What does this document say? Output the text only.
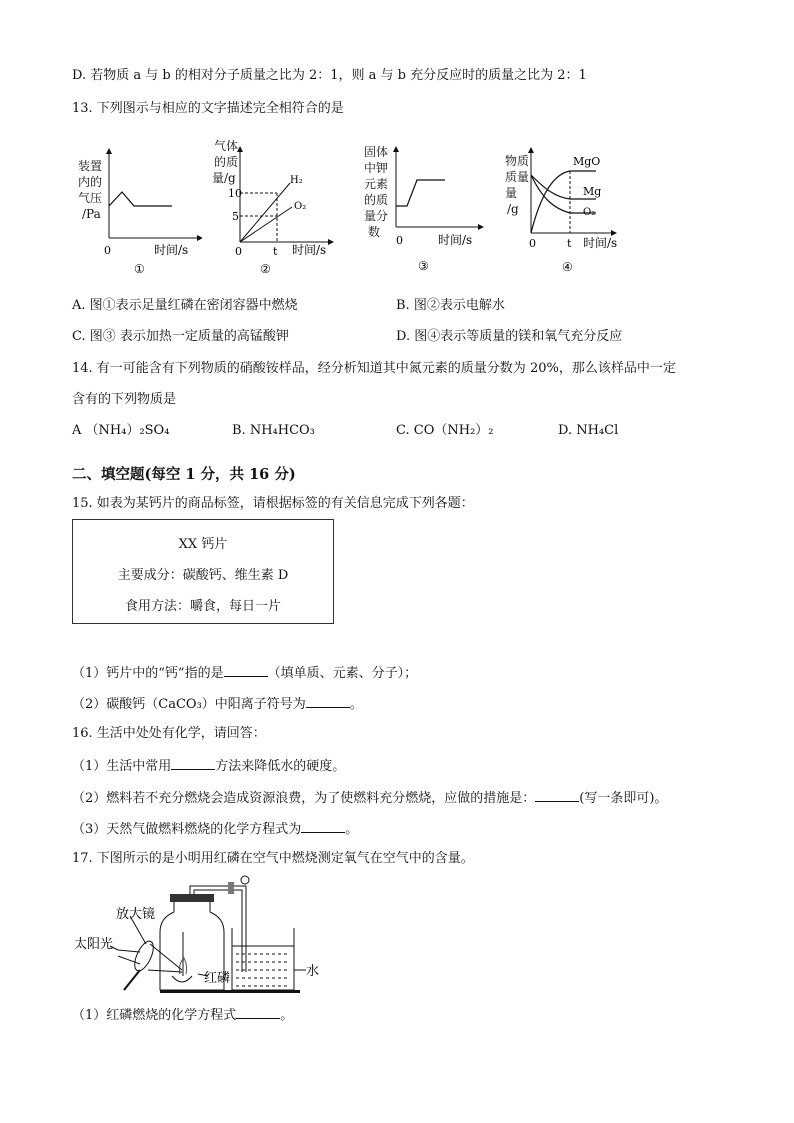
D. 若物质 a 与 b 的相对分子质量之比为 2：1，则 a 与 b 充分反应时的质量之比为 2：1
13. 下列图示与相应的文字描述完全相符合的是
装置
内的
气压
/Pa
0	时间/s
①
气体
的质
量/g
10
5
0	t
H₂
O₂
时间/s
②
固体
中钾
元素
的质
量分
数
0	时间/s
③
物质
质量
量
/g
MgO
Mg
O₂
0	t 时间/s
④
A. 图①表示足量红磷在密闭容器中燃烧	B. 图②表示电解水
C. 图③ 表示加热一定质量的高锰酸钾	D. 图④表示等质量的镁和氧气充分反应
14. 有一可能含有下列物质的硝酸铵样品，经分析知道其中氮元素的质量分数为 20%，那么该样品中一定
含有的下列物质是
A （NH₄）₂SO₄	B. NH₄HCO₃	C. CO（NH₂）₂	D. NH₄Cl
二、填空题(每空 1 分，共 16 分)
15. 如表为某钙片的商品标签，请根据标签的有关信息完成下列各题：
XX 钙片
主要成分：碳酸钙、维生素 D
食用方法：嚼食，每日一片
（1）钙片中的“钙”指的是	（填单质、元素、分子）；
（2）碳酸钙（CaCO₃）中阳离子符号为	。
16. 生活中处处有化学，请回答：
（1）生活中常用	方法来降低水的硬度。
（2）燃料若不充分燃烧会造成资源浪费，为了使燃料充分燃烧，应做的措施是：	(写一条即可)。
（3）天然气做燃料燃烧的化学方程式为	。
17. 下图所示的是小明用红磷在空气中燃烧测定氧气在空气中的含量。
放大镜
太阳光
红磷	水
（1）红磷燃烧的化学方程式	。
